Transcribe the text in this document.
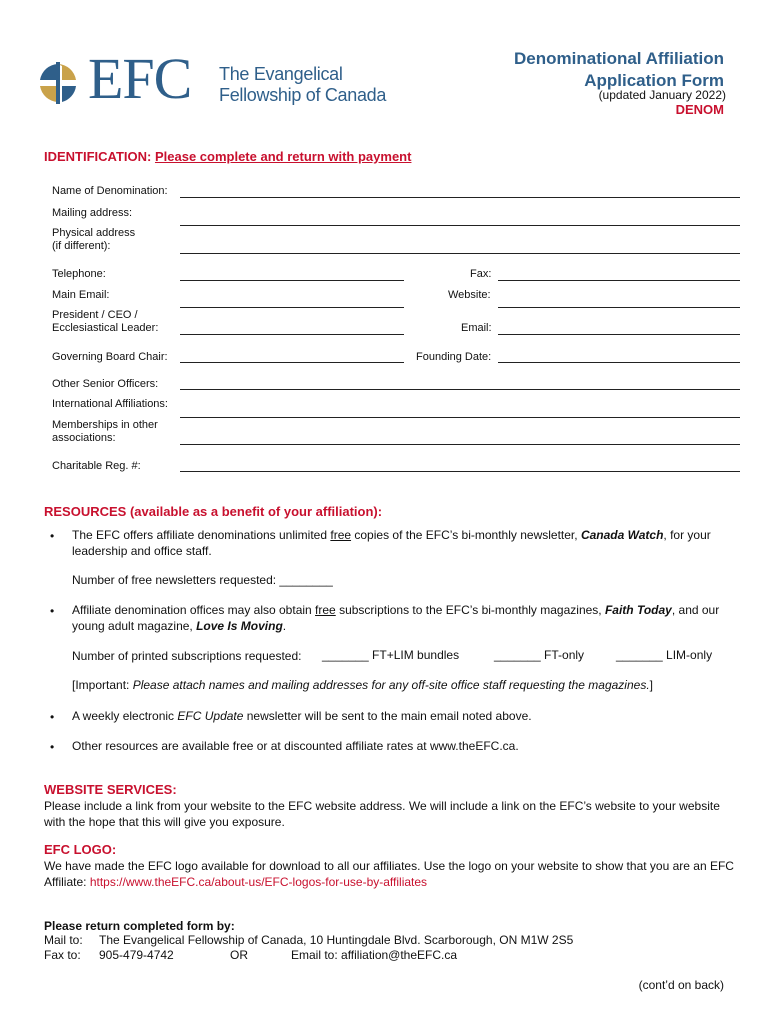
EFC The Evangelical
Fellowship of Canada
Denominational Affiliation
Application Form
(updated January 2022)
DENOM
IDENTIFICATION: Please complete and return with payment
Name of Denomination:
Mailing address:
Physical address
(if different):
Telephone:	Fax:
Main Email:	Website:
President / CEO /
Ecclesiastical Leader:	Email:
Governing Board Chair:	Founding Date:
Other Senior Officers:
International Affiliations:
Memberships in other
associations:
Charitable Reg. #:
RESOURCES (available as a benefit of your affiliation):
• The EFC offers affiliate denominations unlimited free copies of the EFC’s bi-monthly newsletter, Canada Watch, for your leadership and office staff.
Number of free newsletters requested: ________
• Affiliate denomination offices may also obtain free subscriptions to the EFC’s bi-monthly magazines, Faith Today, and our young adult magazine, Love Is Moving.
Number of printed subscriptions requested:	_______ FT+LIM bundles	_______ FT-only	_______ LIM-only
[Important: Please attach names and mailing addresses for any off-site office staff requesting the magazines.]
• A weekly electronic EFC Update newsletter will be sent to the main email noted above.
• Other resources are available free or at discounted affiliate rates at www.theEFC.ca.
WEBSITE SERVICES:
Please include a link from your website to the EFC website address. We will include a link on the EFC’s website to your website with the hope that this will give you exposure.
EFC LOGO:
We have made the EFC logo available for download to all our affiliates. Use the logo on your website to show that you are an EFC Affiliate: https://www.theEFC.ca/about-us/EFC-logos-for-use-by-affiliates
Please return completed form by:
Mail to: The Evangelical Fellowship of Canada, 10 Huntingdale Blvd. Scarborough, ON M1W 2S5
Fax to: 905-479-4742	OR	Email to: affiliation@theEFC.ca
(cont’d on back)
